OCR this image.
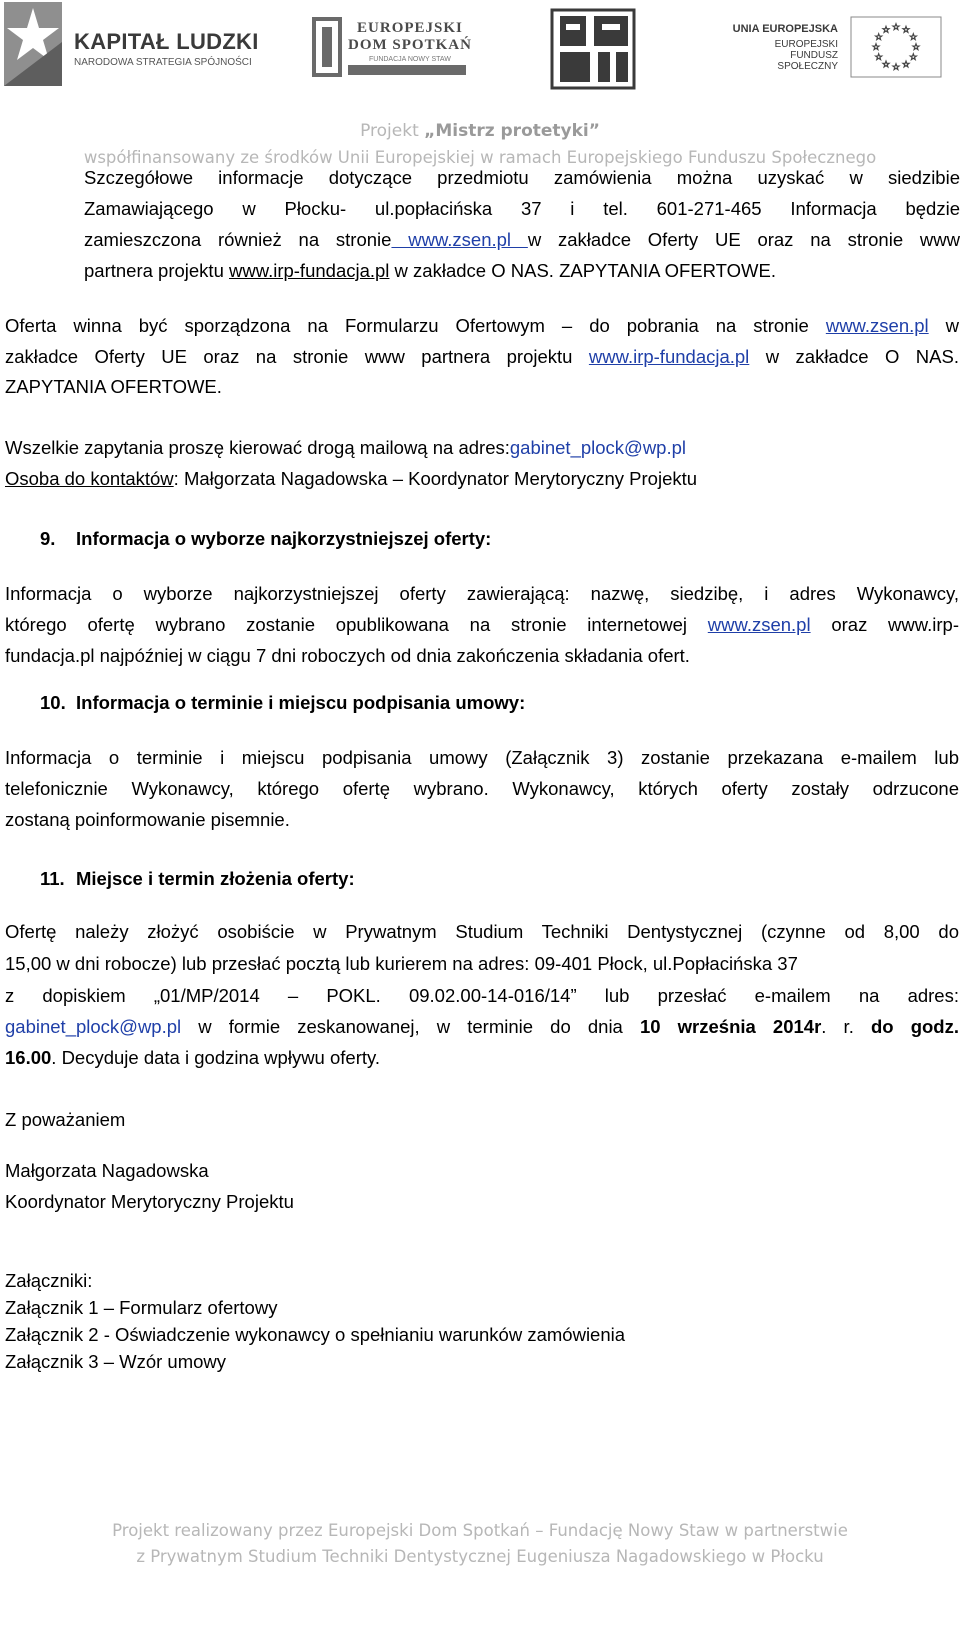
KAPITAŁ LUDZKI
NARODOWA STRATEGIA SPÓJNOŚCI
EUROPEJSKI
DOM SPOTKAŃ
FUNDACJA NOWY STAW
UNIA EUROPEJSKA
EUROPEJSKI
FUNDUSZ SPOŁECZNY
Projekt „Mistrz protetyki”
współfinansowany ze środków Unii Europejskiej w ramach Europejskiego Funduszu Społecznego
Szczegółowe informacje dotyczące przedmiotu zamówienia można uzyskać w siedzibie
Zamawiającego w Płocku- ul.popłacińska 37 i tel. 601-271-465 Informacja będzie
zamieszczona również na stronie www.zsen.pl w zakładce Oferty UE oraz na stronie www
partnera projektu www.irp-fundacja.pl w zakładce O NAS. ZAPYTANIA OFERTOWE.
Oferta winna być sporządzona na Formularzu Ofertowym – do pobrania na stronie www.zsen.pl w
zakładce Oferty UE oraz na stronie www partnera projektu www.irp-fundacja.pl w zakładce O NAS.
ZAPYTANIA OFERTOWE.
Wszelkie zapytania proszę kierować drogą mailową na adres:gabinet_plock@wp.pl
Osoba do kontaktów: Małgorzata Nagadowska – Koordynator Merytoryczny Projektu
9. Informacja o wyborze najkorzystniejszej oferty:
Informacja o wyborze najkorzystniejszej oferty zawierającą: nazwę, siedzibę, i adres Wykonawcy,
którego ofertę wybrano zostanie opublikowana na stronie internetowej www.zsen.pl oraz www.irp-
fundacja.pl najpóźniej w ciągu 7 dni roboczych od dnia zakończenia składania ofert.
10. Informacja o terminie i miejscu podpisania umowy:
Informacja o terminie i miejscu podpisania umowy (Załącznik 3) zostanie przekazana e-mailem lub
telefonicznie Wykonawcy, którego ofertę wybrano. Wykonawcy, których oferty zostały odrzucone
zostaną poinformowanie pisemnie.
11. Miejsce i termin złożenia oferty:
Ofertę należy złożyć osobiście w Prywatnym Studium Techniki Dentystycznej (czynne od 8,00 do
15,00 w dni robocze) lub przesłać pocztą lub kurierem na adres: 09-401 Płock, ul.Popłacińska 37
z dopiskiem „01/MP/2014 – POKL. 09.02.00-14-016/14” lub przesłać e-mailem na adres:
gabinet_plock@wp.pl w formie zeskanowanej, w terminie do dnia 10 września 2014r. r. do godz.
16.00. Decyduje data i godzina wpływu oferty.
Z poważaniem
Małgorzata Nagadowska
Koordynator Merytoryczny Projektu
Załączniki:
Załącznik 1 – Formularz ofertowy
Załącznik 2 - Oświadczenie wykonawcy o spełnianiu warunków zamówienia
Załącznik 3 – Wzór umowy
Projekt realizowany przez Europejski Dom Spotkań – Fundację Nowy Staw w partnerstwie
z Prywatnym Studium Techniki Dentystycznej Eugeniusza Nagadowskiego w Płocku
